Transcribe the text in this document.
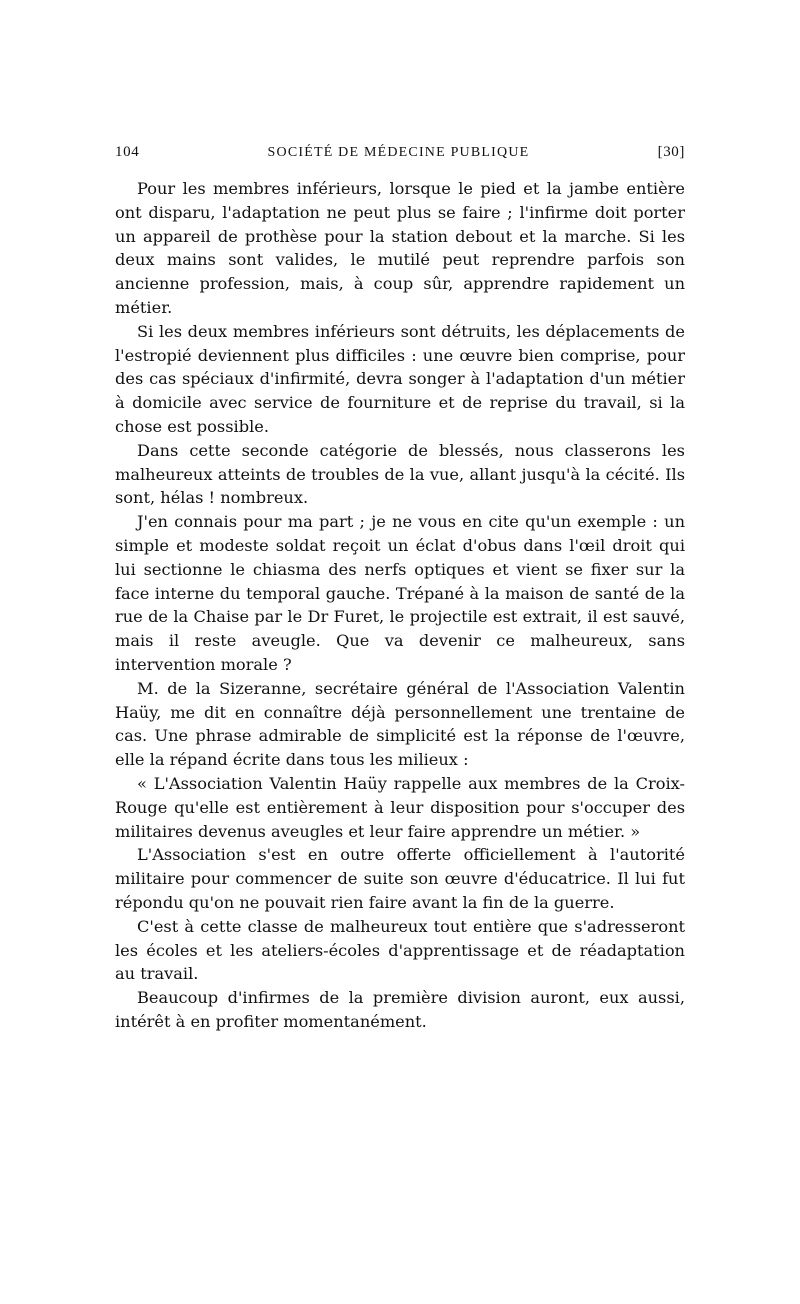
104	SOCIÉTÉ DE MÉDECINE PUBLIQUE	[30]

Pour les membres inférieurs, lorsque le pied et la jambe entière ont disparu, l'adaptation ne peut plus se faire ; l'infirme doit porter un appareil de prothèse pour la station debout et la marche. Si les deux mains sont valides, le mutilé peut reprendre parfois son ancienne profession, mais, à coup sûr, apprendre rapidement un métier.

Si les deux membres inférieurs sont détruits, les déplacements de l'estropié deviennent plus difficiles : une œuvre bien comprise, pour des cas spéciaux d'infirmité, devra songer à l'adaptation d'un métier à domicile avec service de fourniture et de reprise du travail, si la chose est possible.

Dans cette seconde catégorie de blessés, nous classerons les malheureux atteints de troubles de la vue, allant jusqu'à la cécité. Ils sont, hélas ! nombreux.

J'en connais pour ma part ; je ne vous en cite qu'un exemple : un simple et modeste soldat reçoit un éclat d'obus dans l'œil droit qui lui sectionne le chiasma des nerfs optiques et vient se fixer sur la face interne du temporal gauche. Trépané à la maison de santé de la rue de la Chaise par le Dr Furet, le projectile est extrait, il est sauvé, mais il reste aveugle. Que va devenir ce malheureux, sans intervention morale ?

M. de la Sizeranne, secrétaire général de l'Association Valentin Haüy, me dit en connaître déjà personnellement une trentaine de cas. Une phrase admirable de simplicité est la réponse de l'œuvre, elle la répand écrite dans tous les milieux :

« L'Association Valentin Haüy rappelle aux membres de la Croix-Rouge qu'elle est entièrement à leur disposition pour s'occuper des militaires devenus aveugles et leur faire apprendre un métier. »

L'Association s'est en outre offerte officiellement à l'autorité militaire pour commencer de suite son œuvre d'éducatrice. Il lui fut répondu qu'on ne pouvait rien faire avant la fin de la guerre.

C'est à cette classe de malheureux tout entière que s'adresseront les écoles et les ateliers-écoles d'apprentissage et de réadaptation au travail.

Beaucoup d'infirmes de la première division auront, eux aussi, intérêt à en profiter momentanément.
